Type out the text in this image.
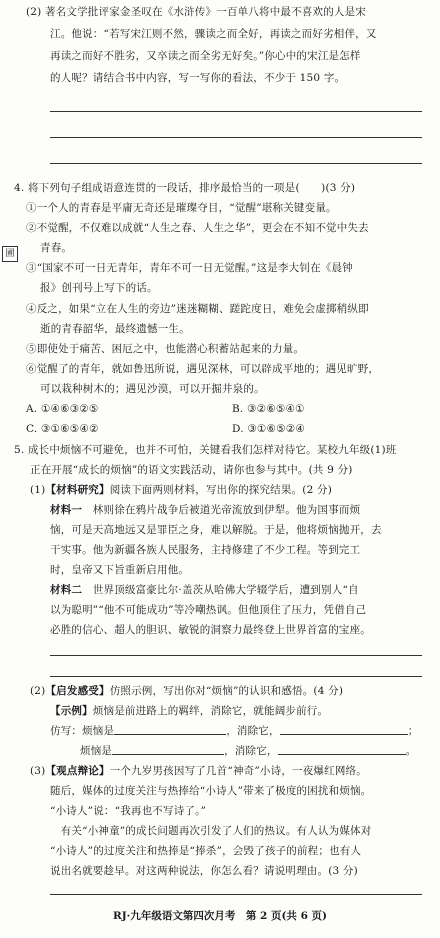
(2) 著名文学批评家金圣叹在《水浒传》一百单八将中最不喜欢的人是宋
江。他说：“若写宋江则不然，骤读之而全好，再读之而好劣相伴，又
再读之而好不胜劣，又卒读之而全劣无好矣。”你心中的宋江是怎样
的人呢？请结合书中内容，写一写你的看法，不少于 150 字。
4. 将下列句子组成语意连贯的一段话，排序最恰当的一项是(　　)(3 分)
①一个人的青春是平庸无奇还是璀璨夺目，“觉醒”堪称关键变量。
②不觉醒，不仅难以成就“人生之春、人生之华”，更会在不知不觉中失去
青春。
③“国家不可一日无青年，青年不可一日无觉醒。”这是李大钊在《晨钟
报》创刊号上写下的话。
④反之，如果“立在人生的旁边”迷迷糊糊、蹉跎度日，难免会虚掷稍纵即
逝的青春韶华，最终遗憾一生。
⑤即使处于痛苦、困厄之中，也能潜心积蓄站起来的力量。
⑥觉醒了的青年，就如鲁迅所说，遇见深林，可以辟成平地的；遇见旷野，
可以栽种树木的；遇见沙漠，可以开掘井泉的。
A. ①④⑥③②⑤	B. ③②⑥⑤④①
C. ③①⑥⑤④②	D. ③①⑥⑤②④
5. 成长中烦恼不可避免，也并不可怕，关键看我们怎样对待它。某校九年级(1)班
正在开展“成长的烦恼”的语文实践活动，请你也参与其中。(共 9 分)
(1)【材料研究】阅读下面两则材料，写出你的探究结果。(2 分)
材料一　林则徐在鸦片战争后被道光帝流放到伊犁。他为国事而烦
恼，可是天高地远又是罪臣之身，难以解脱。于是，他将烦恼抛开，去
干实事。他为新疆各族人民服务，主持修建了不少工程。等到完工
时，皇帝又下旨重新启用他。
材料二　世界顶级富豪比尔·盖茨从哈佛大学辍学后，遭到别人“自
以为聪明”“他不可能成功”等冷嘲热讽。但他顶住了压力，凭借自己
必胜的信心、超人的胆识、敏锐的洞察力最终登上世界首富的宝座。
(2)【启发感受】仿照示例，写出你对“烦恼”的认识和感悟。(4 分)
【示例】烦恼是前进路上的羁绊，消除它，就能阔步前行。
仿写：烦恼是	，消除它，	；
烦恼是	，消除它，	。
(3)【观点辩论】一个九岁男孩因写了几首“神奇”小诗，一夜爆红网络。
随后，媒体的过度关注与热捧给“小诗人”带来了极度的困扰和烦恼。
“小诗人”说：“我再也不写诗了。”
　有关“小神童”的成长问题再次引发了人们的热议。有人认为媒体对
“小诗人”的过度关注和热捧是“捧杀”，会毁了孩子的前程；也有人
说出名就要趁早。对这两种说法，你怎么看？请说明理由。(3 分)
圃
RJ·九年级语文第四次月考　第 2 页(共 6 页)
